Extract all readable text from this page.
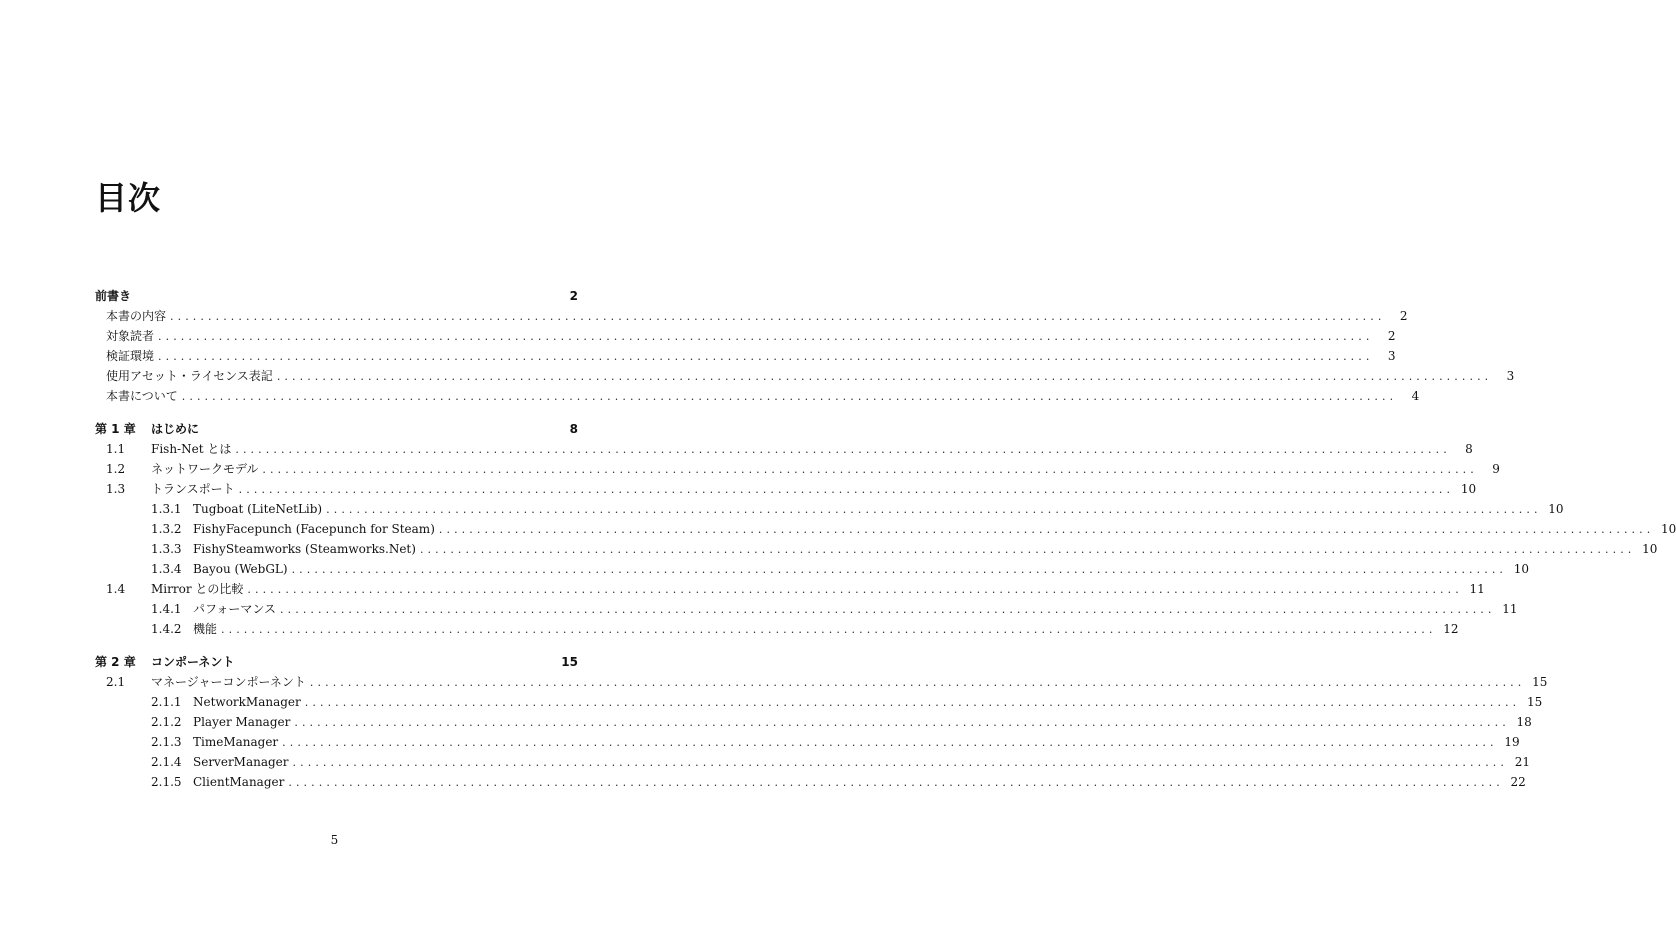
目次
前書き	2
本書の内容 ................................................................................................................................................................	2
対象読者 ................................................................................................................................................................	2
検証環境 ................................................................................................................................................................	3
使用アセット・ライセンス表記 ................................................................................................................................................................	3
本書について ................................................................................................................................................................	4
第 1 章	はじめに	8
1.1	Fish-Net とは ................................................................................................................................................................	8
1.2	ネットワークモデル ................................................................................................................................................................	9
1.3	トランスポート ................................................................................................................................................................ 10
1.3.1 Tugboat (LiteNetLib) ................................................................................................................................................................ 10
1.3.2 FishyFacepunch (Facepunch for Steam) ................................................................................................................................................................ 10
1.3.3 FishySteamworks (Steamworks.Net) ................................................................................................................................................................ 10
1.3.4 Bayou (WebGL) ................................................................................................................................................................ 10
1.4	Mirror との比較 ................................................................................................................................................................ 11
1.4.1 パフォーマンス ................................................................................................................................................................ 11
1.4.2 機能 ................................................................................................................................................................ 12
第 2 章	コンポーネント	15
2.1	マネージャーコンポーネント ................................................................................................................................................................ 15
2.1.1 NetworkManager ................................................................................................................................................................ 15
2.1.2 Player Manager ................................................................................................................................................................ 18
2.1.3 TimeManager ................................................................................................................................................................ 19
2.1.4 ServerManager ................................................................................................................................................................ 21
2.1.5 ClientManager ................................................................................................................................................................ 22
5
